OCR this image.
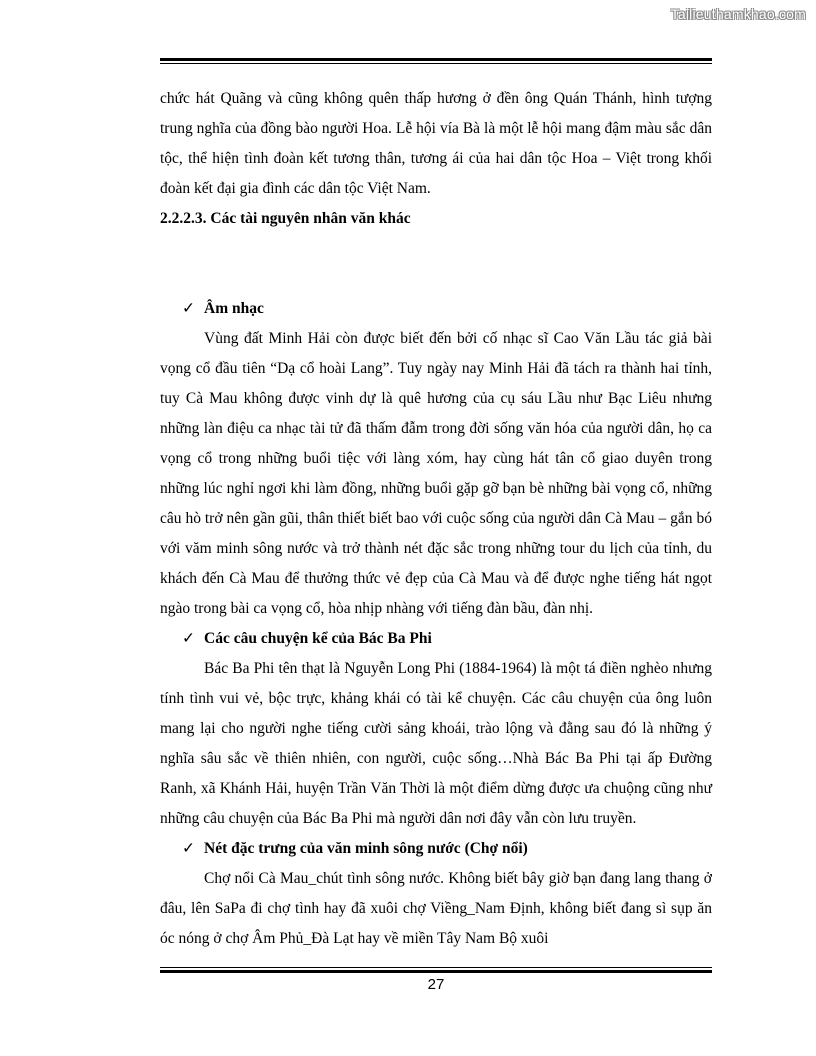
Tailieuthamkhao.com

chức hát Quãng và cũng không quên thấp hương ở đền ông Quán Thánh, hình tượng trung nghĩa của đồng bào người Hoa. Lễ hội vía Bà là một lễ hội mang đậm màu sắc dân tộc, thể hiện tình đoàn kết tương thân, tương ái của hai dân tộc Hoa – Việt trong khối đoàn kết đại gia đình các dân tộc Việt Nam.

2.2.2.3. Các tài nguyên nhân văn khác

✓ Âm nhạc

Vùng đất Minh Hải còn được biết đến bởi cố nhạc sĩ Cao Văn Lầu tác giả bài vọng cổ đầu tiên “Dạ cổ hoài Lang”. Tuy ngày nay Minh Hải đã tách ra thành hai tỉnh, tuy Cà Mau không được vinh dự là quê hương của cụ sáu Lầu như Bạc Liêu nhưng những làn điệu ca nhạc tài tử đã thấm đẫm trong đời sống văn hóa của người dân, họ ca vọng cổ trong những buổi tiệc với làng xóm, hay cùng hát tân cổ giao duyên trong những lúc nghỉ ngơi khi làm đồng, những buổi gặp gỡ bạn bè những bài vọng cổ, những câu hò trở nên gần gũi, thân thiết biết bao với cuộc sống của người dân Cà Mau – gắn bó với văm minh sông nước và trở thành nét đặc sắc trong những tour du lịch của tỉnh, du khách đến Cà Mau để thưởng thức vẻ đẹp của Cà Mau và để được nghe tiếng hát ngọt ngào trong bài ca vọng cổ, hòa nhịp nhàng với tiếng đàn bầu, đàn nhị.

✓ Các câu chuyện kể của Bác Ba Phi

Bác Ba Phi tên thạt là Nguyễn Long Phi (1884-1964) là một tá điền nghèo nhưng tính tình vui vẻ, bộc trực, khảng khái có tài kể chuyện. Các câu chuyện của ông luôn mang lại cho người nghe tiếng cười sảng khoái, trào lộng và đằng sau đó là những ý nghĩa sâu sắc về thiên nhiên, con người, cuộc sống…Nhà Bác Ba Phi tại ấp Đường Ranh, xã Khánh Hải, huyện Trần Văn Thời là một điểm dừng được ưa chuộng cũng như những câu chuyện của Bác Ba Phi mà người dân nơi đây vẫn còn lưu truyền.

✓ Nét đặc trưng của văn minh sông nước (Chợ nổi)

Chợ nổi Cà Mau_chút tình sông nước. Không biết bây giờ bạn đang lang thang ở đâu, lên SaPa đi chợ tình hay đã xuôi chợ Viềng_Nam Định, không biết đang sì sụp ăn óc nóng ở chợ Âm Phủ_Đà Lạt hay về miền Tây Nam Bộ xuôi

27
